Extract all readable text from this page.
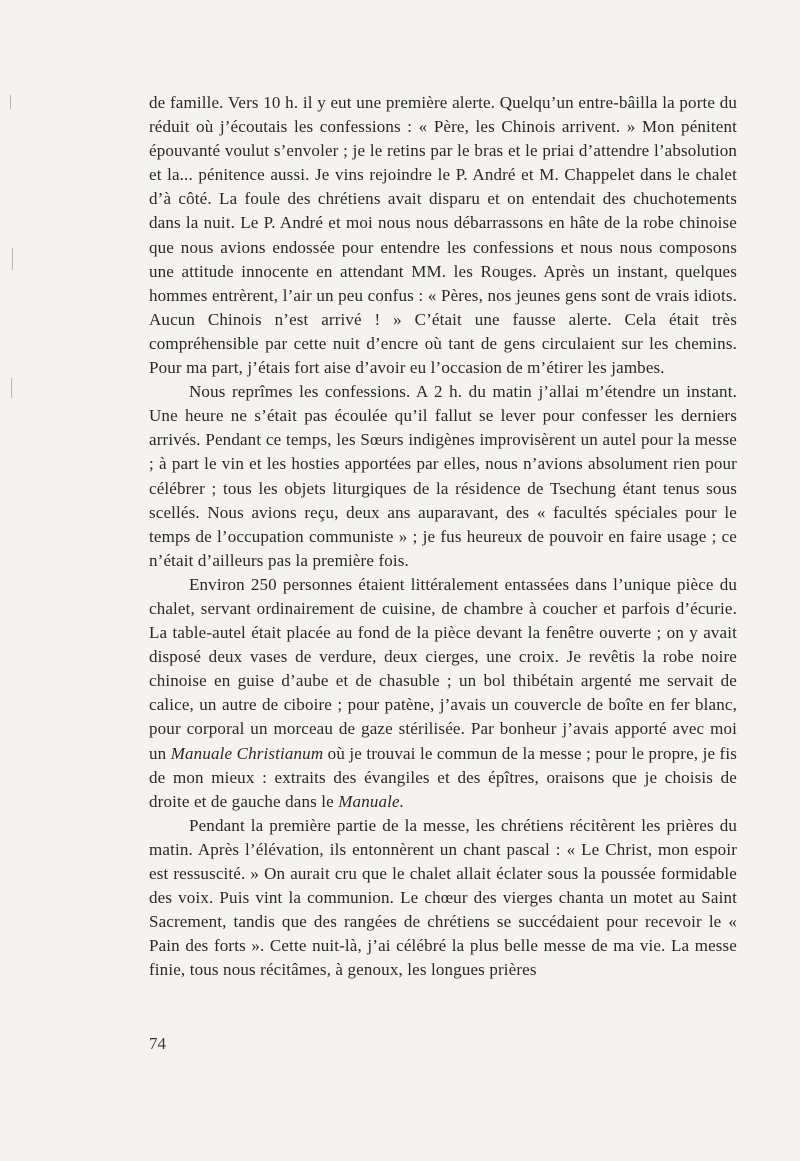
de famille. Vers 10 h. il y eut une première alerte. Quelqu’un entre-bâilla la porte du réduit où j’écoutais les confessions : « Père, les Chinois arrivent. » Mon pénitent épouvanté voulut s’envoler ; je le retins par le bras et le priai d’attendre l’absolution et la... pénitence aussi. Je vins rejoindre le P. André et M. Chappelet dans le chalet d’à côté. La foule des chrétiens avait disparu et on entendait des chuchotements dans la nuit. Le P. André et moi nous nous débarrassons en hâte de la robe chinoise que nous avions endossée pour entendre les confessions et nous nous composons une attitude innocente en attendant MM. les Rouges. Après un instant, quelques hommes entrèrent, l’air un peu confus : « Pères, nos jeunes gens sont de vrais idiots. Aucun Chinois n’est arrivé ! » C’était une fausse alerte. Cela était très compréhensible par cette nuit d’encre où tant de gens circulaient sur les chemins. Pour ma part, j’étais fort aise d’avoir eu l’occasion de m’étirer les jambes.

Nous reprîmes les confessions. A 2 h. du matin j’allai m’étendre un instant. Une heure ne s’était pas écoulée qu’il fallut se lever pour confesser les derniers arrivés. Pendant ce temps, les Sœurs indigènes improvisèrent un autel pour la messe ; à part le vin et les hosties apportées par elles, nous n’avions absolument rien pour célébrer ; tous les objets liturgiques de la résidence de Tsechung étant tenus sous scellés. Nous avions reçu, deux ans auparavant, des « facultés spéciales pour le temps de l’occupation communiste » ; je fus heureux de pouvoir en faire usage ; ce n’était d’ailleurs pas la première fois.

Environ 250 personnes étaient littéralement entassées dans l’unique pièce du chalet, servant ordinairement de cuisine, de chambre à coucher et parfois d’écurie. La table-autel était placée au fond de la pièce devant la fenêtre ouverte ; on y avait disposé deux vases de verdure, deux cierges, une croix. Je revêtis la robe noire chinoise en guise d’aube et de chasuble ; un bol thibétain argenté me servait de calice, un autre de ciboire ; pour patène, j’avais un couvercle de boîte en fer blanc, pour corporal un morceau de gaze stérilisée. Par bonheur j’avais apporté avec moi un Manuale Christianum où je trouvai le commun de la messe ; pour le propre, je fis de mon mieux : extraits des évangiles et des épîtres, oraisons que je choisis de droite et de gauche dans le Manuale.

Pendant la première partie de la messe, les chrétiens récitèrent les prières du matin. Après l’élévation, ils entonnèrent un chant pascal : « Le Christ, mon espoir est ressuscité. » On aurait cru que le chalet allait éclater sous la poussée formidable des voix. Puis vint la communion. Le chœur des vierges chanta un motet au Saint Sacrement, tandis que des rangées de chrétiens se succédaient pour recevoir le « Pain des forts ». Cette nuit-là, j’ai célébré la plus belle messe de ma vie. La messe finie, tous nous récitâmes, à genoux, les longues prières

74
